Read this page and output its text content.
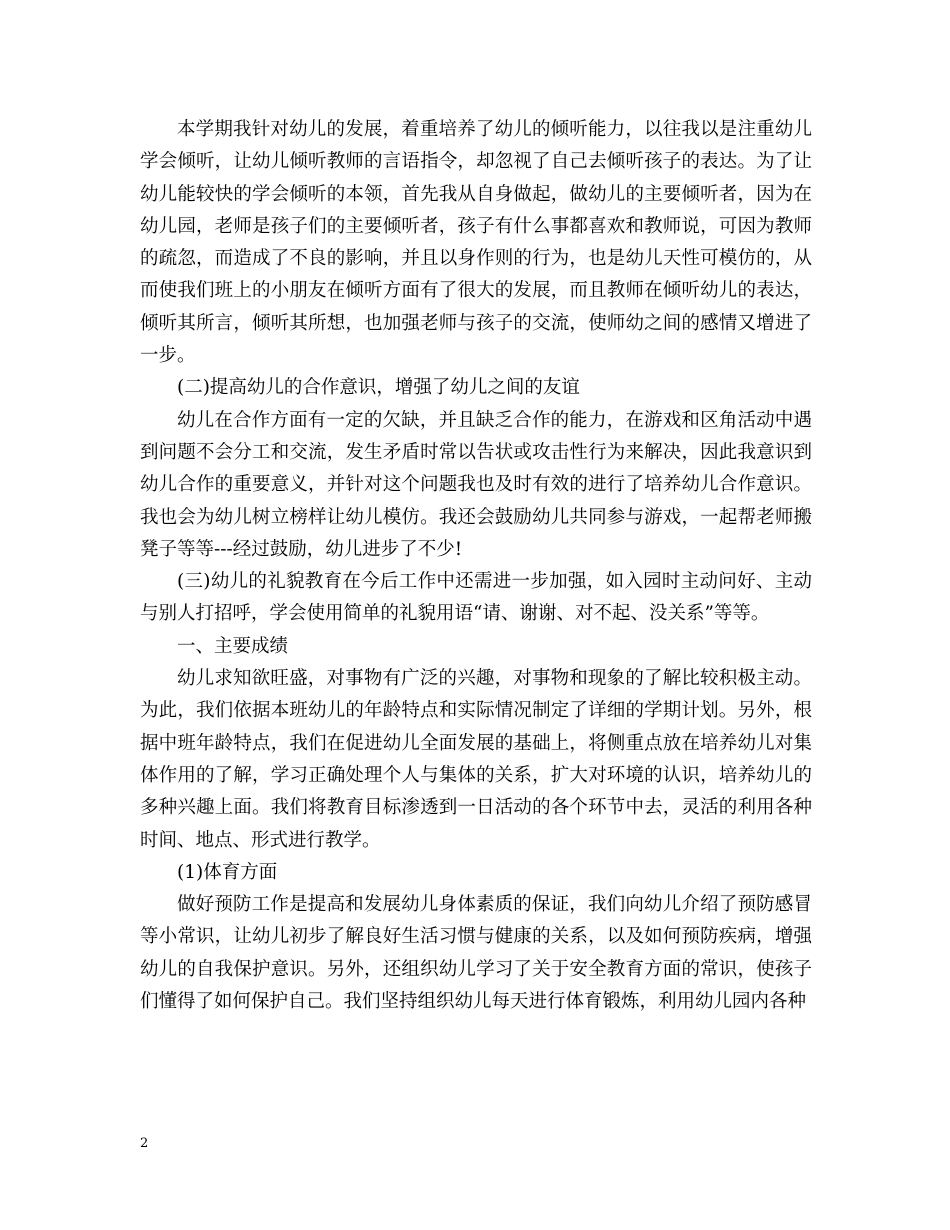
本学期我针对幼儿的发展，着重培养了幼儿的倾听能力，以往我以是注重幼儿学会倾听，让幼儿倾听教师的言语指令，却忽视了自己去倾听孩子的表达。为了让幼儿能较快的学会倾听的本领，首先我从自身做起，做幼儿的主要倾听者，因为在幼儿园，老师是孩子们的主要倾听者，孩子有什么事都喜欢和教师说，可因为教师的疏忽，而造成了不良的影响，并且以身作则的行为，也是幼儿天性可模仿的，从而使我们班上的小朋友在倾听方面有了很大的发展，而且教师在倾听幼儿的表达，倾听其所言，倾听其所想，也加强老师与孩子的交流，使师幼之间的感情又增进了一步。

(二)提高幼儿的合作意识，增强了幼儿之间的友谊

幼儿在合作方面有一定的欠缺，并且缺乏合作的能力，在游戏和区角活动中遇到问题不会分工和交流，发生矛盾时常以告状或攻击性行为来解决，因此我意识到幼儿合作的重要意义，并针对这个问题我也及时有效的进行了培养幼儿合作意识。我也会为幼儿树立榜样让幼儿模仿。我还会鼓励幼儿共同参与游戏，一起帮老师搬凳子等等---经过鼓励，幼儿进步了不少!

(三)幼儿的礼貌教育在今后工作中还需进一步加强，如入园时主动问好、主动与别人打招呼，学会使用简单的礼貌用语“请、谢谢、对不起、没关系”等等。

一、主要成绩

幼儿求知欲旺盛，对事物有广泛的兴趣，对事物和现象的了解比较积极主动。为此，我们依据本班幼儿的年龄特点和实际情况制定了详细的学期计划。另外，根据中班年龄特点，我们在促进幼儿全面发展的基础上，将侧重点放在培养幼儿对集体作用的了解，学习正确处理个人与集体的关系，扩大对环境的认识，培养幼儿的多种兴趣上面。我们将教育目标渗透到一日活动的各个环节中去，灵活的利用各种时间、地点、形式进行教学。

(1)体育方面

做好预防工作是提高和发展幼儿身体素质的保证，我们向幼儿介绍了预防感冒等小常识，让幼儿初步了解良好生活习惯与健康的关系，以及如何预防疾病，增强幼儿的自我保护意识。另外，还组织幼儿学习了关于安全教育方面的常识，使孩子们懂得了如何保护自己。我们坚持组织幼儿每天进行体育锻炼，利用幼儿园内各种

2
